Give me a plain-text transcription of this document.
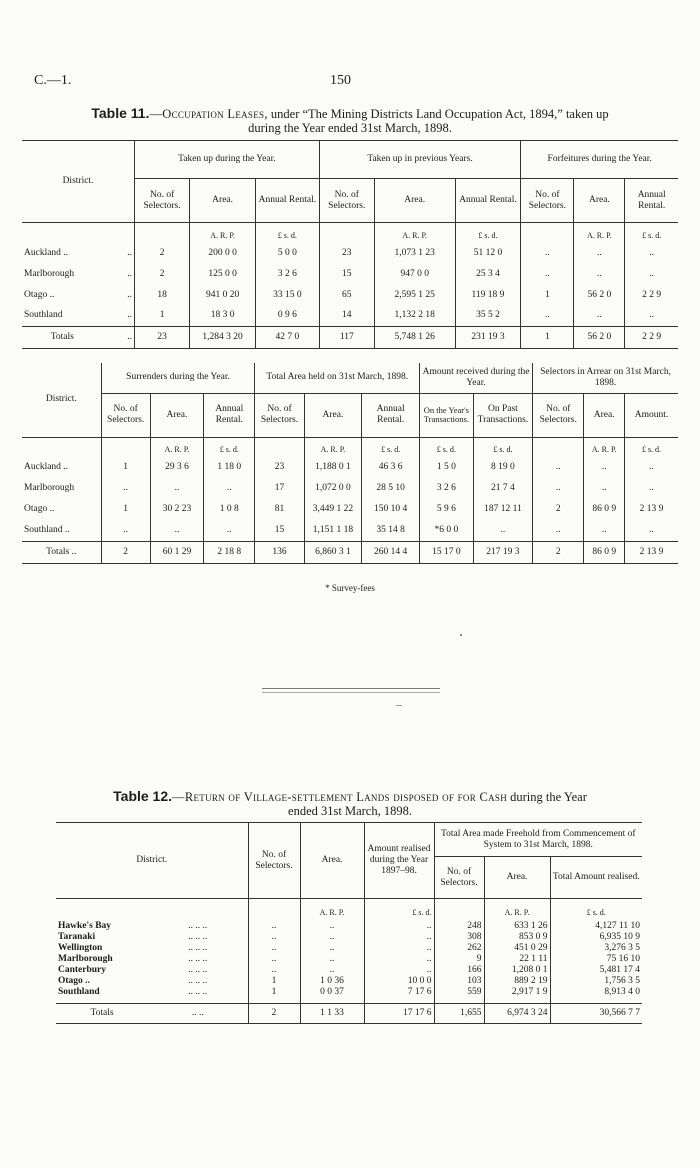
C.—1.	150
Table 11.—Occupation Leases, under “The Mining Districts Land Occupation Act, 1894,” taken up
during the Year ended 31st March, 1898.
District.		Taken up during the Year.			Taken up in previous Years.			Forfeitures during the Year.		
		No. of Selectors.	Area.	Annual Rental.	No. of Selectors.	Area.	Annual Rental.	No. of Selectors.	Area.	Annual Rental.
			A. R. P.	£ s. d.		A. R. P.	£ s. d.		A. R. P.	£ s. d.
Auckland ..	..	2	200 0 0	5 0 0	23	1,073 1 23	51 12 0	..	..	..
Marlborough	..	2	125 0 0	3 2 6	15	947 0 0	25 3 4	..	..	..
Otago ..	..	18	941 0 20	33 15 0	65	2,595 1 25	119 18 9	1	56 2 0	2 2 9
Southland	..	1	18 3 0	0 9 6	14	1,132 2 18	35 5 2	..	..	..
Totals	..	23	1,284 3 20	42 7 0	117	5,748 1 26	231 19 3	1	56 2 0	2 2 9
District.	Surrenders during the Year.			Total Area held on 31st March, 1898.			Amount received during the Year.		Selectors in Arrear on 31st March, 1898.		
	No. of Selectors.	Area.	Annual Rental.	No. of Selectors.	Area.	Annual Rental.	On the Year's Transactions.	On Past Transactions.	No. of Selectors.	Area.	Amount.
		A. R. P.	£ s. d.		A. R. P.	£ s. d.	£ s. d.	£ s. d.		A. R. P.	£ s. d.
Auckland ..	1	29 3 6	1 18 0	23	1,188 0 1	46 3 6	1 5 0	8 19 0	..	..	..
Marlborough	..	..	..	17	1,072 0 0	28 5 10	3 2 6	21 7 4	..	..	..
Otago ..	1	30 2 23	1 0 8	81	3,449 1 22	150 10 4	5 9 6	187 12 11	2	86 0 9	2 13 9
Southland ..	..	..	..	15	1,151 1 18	35 14 8	*6 0 0	..	..	..	..
Totals ..	2	60 1 29	2 18 8	136	6,860 3 1	260 14 4	15 17 0	217 19 3	2	86 0 9	2 13 9
* Survey-fees
Table 12.—Return of Village-settlement Lands disposed of for Cash during the Year
ended 31st March, 1898.
District.		No. of Selectors.	Area.	Amount realised during the Year 1897–98.	Total Area made Freehold from Commencement of System to 31st March, 1898.		
					No. of Selectors.	Area.	Total Amount realised.
			A. R. P.	£ s. d.		A. R. P.	£ s. d.
Hawke's Bay	.. .. ..	..	..	..	248	633 1 26	4,127 11 10
Taranaki	.. .. ..	..	..	..	308	853 0 9	6,935 10 9
Wellington	.. .. ..	..	..	..	262	451 0 29	3,276 3 5
Marlborough	.. .. ..	..	..	..	9	22 1 11	75 16 10
Canterbury	.. .. ..	..	..	..	166	1,208 0 1	5,481 17 4
Otago ..	.. .. ..	1	1 0 36	10 0 0	103	889 2 19	1,756 3 5
Southland	.. .. ..	1	0 0 37	7 17 6	559	2,917 1 9	8,913 4 0

Totals	.. ..	2	1 1 33	17 17 6	1,655	6,974 3 24	30,566 7 7
